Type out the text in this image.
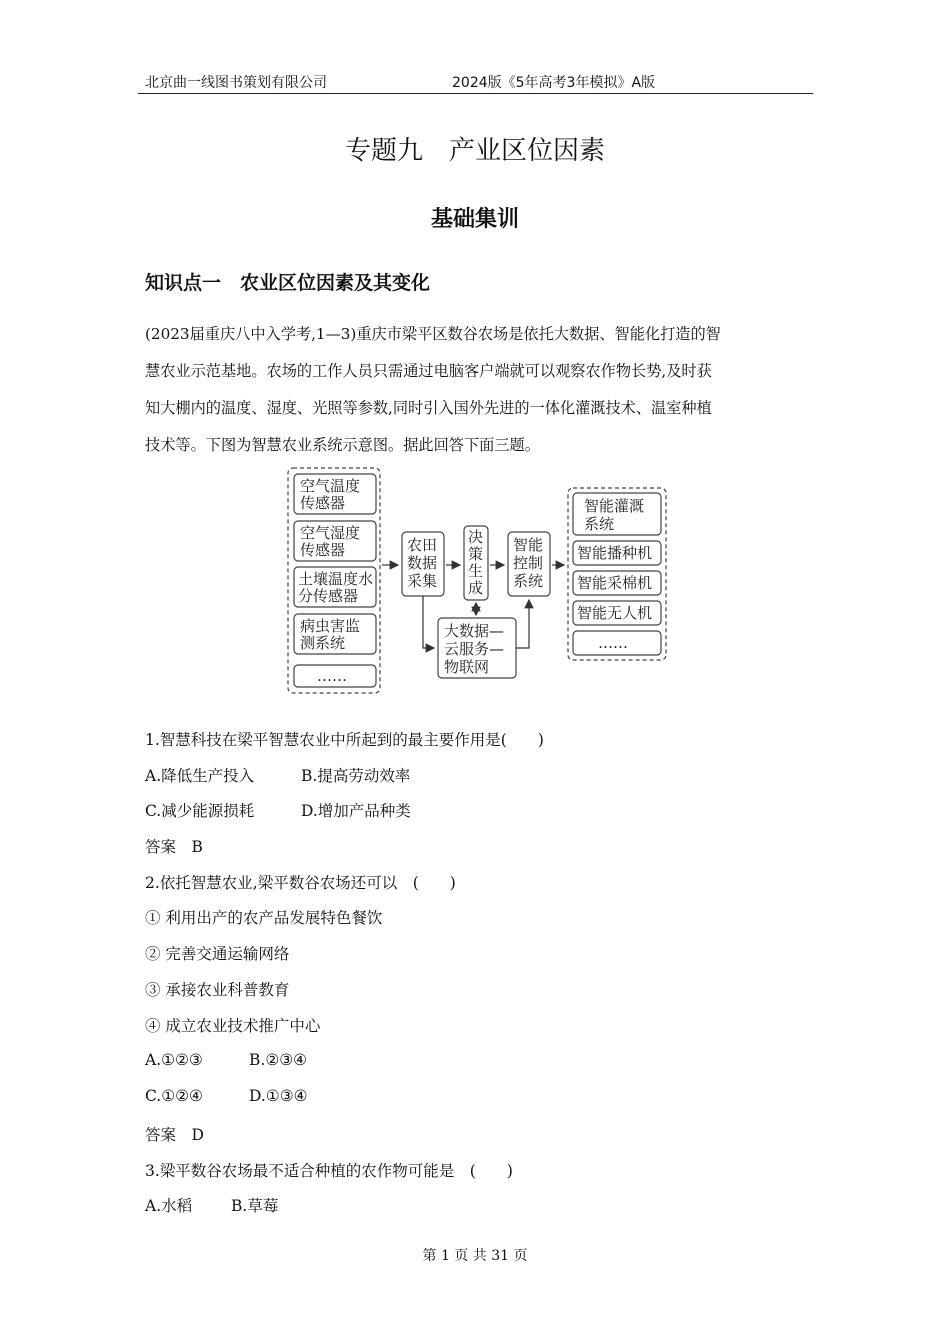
北京曲一线图书策划有限公司	2024版《5年高考3年模拟》A版
专题九　产业区位因素
基础集训
知识点一　农业区位因素及其变化
(2023届重庆八中入学考,1—3)重庆市梁平区数谷农场是依托大数据、智能化打造的智
慧农业示范基地。农场的工作人员只需通过电脑客户端就可以观察农作物长势,及时获
知大棚内的温度、湿度、光照等参数,同时引入国外先进的一体化灌溉技术、温室种植
技术等。下图为智慧农业系统示意图。据此回答下面三题。
空气温度
传感器
空气湿度
传感器
土壤温度水
分传感器
病虫害监
测系统
……
农田
数据
采集
决
策
生
成
智能
控制
系统
大数据—
云服务—
物联网
智能灌溉
系统
智能播种机
智能采棉机
智能无人机
……
1.智慧科技在梁平智慧农业中所起到的最主要作用是(　　)
A.降低生产投入	B.提高劳动效率
C.减少能源损耗	D.增加产品种类
答案　B
2.依托智慧农业,梁平数谷农场还可以　(　　)
① 利用出产的农产品发展特色餐饮
② 完善交通运输网络
③ 承接农业科普教育
④ 成立农业技术推广中心
A.①②③	B.②③④
C.①②④	D.①③④
答案　D
3.梁平数谷农场最不适合种植的农作物可能是　(　　)
A.水稻	B.草莓
第 1 页 共 31 页
